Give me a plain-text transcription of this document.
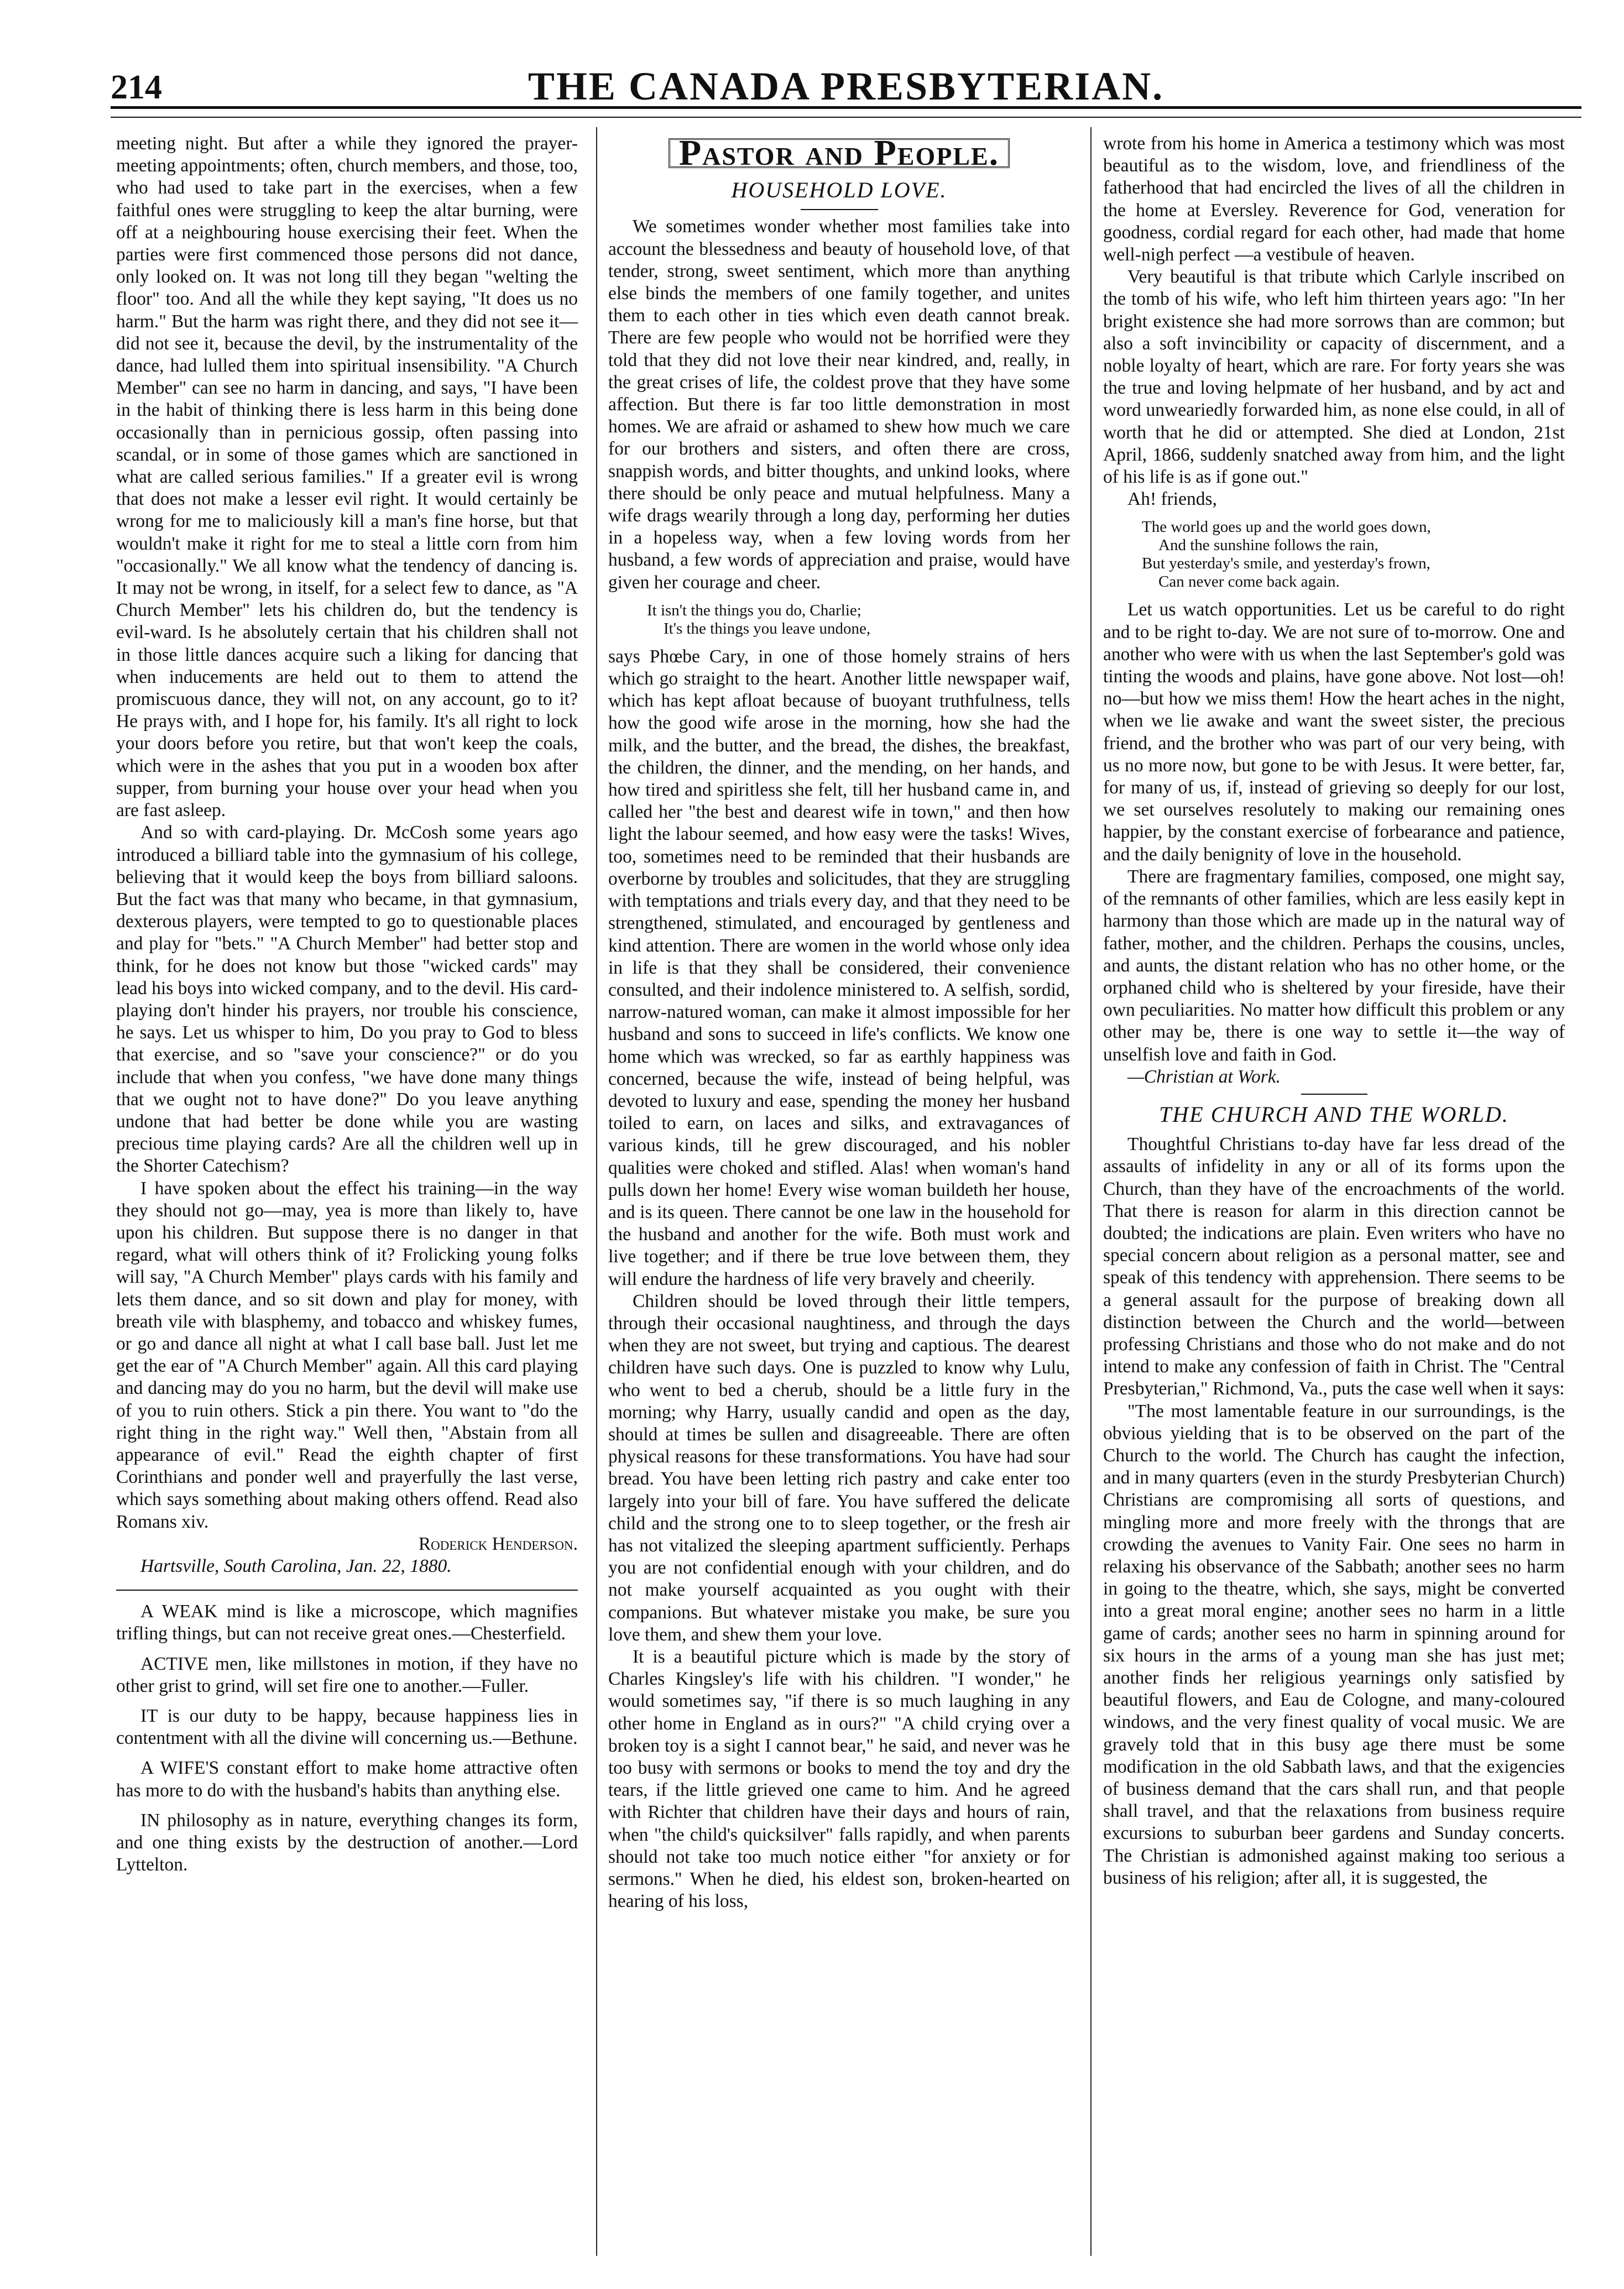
214	THE CANADA PRESBYTERIAN.

meeting night. But after a while they ignored the prayer-meeting appointments; often, church members, and those, too, who had used to take part in the exercises, when a few faithful ones were struggling to keep the altar burning, were off at a neighbouring house exercising their feet. When the parties were first commenced those persons did not dance, only looked on. It was not long till they began "welting the floor" too. And all the while they kept saying, "It does us no harm." But the harm was right there, and they did not see it—did not see it, because the devil, by the instrumentality of the dance, had lulled them into spiritual insensibility. "A Church Member" can see no harm in dancing, and says, "I have been in the habit of thinking there is less harm in this being done occasionally than in pernicious gossip, often passing into scandal, or in some of those games which are sanctioned in what are called serious families." If a greater evil is wrong that does not make a lesser evil right. It would certainly be wrong for me to maliciously kill a man's fine horse, but that wouldn't make it right for me to steal a little corn from him "occasionally." We all know what the tendency of dancing is. It may not be wrong, in itself, for a select few to dance, as "A Church Member" lets his children do, but the tendency is evil-ward. Is he absolutely certain that his children shall not in those little dances acquire such a liking for dancing that when inducements are held out to them to attend the promiscuous dance, they will not, on any account, go to it? He prays with, and I hope for, his family. It's all right to lock your doors before you retire, but that won't keep the coals, which were in the ashes that you put in a wooden box after supper, from burning your house over your head when you are fast asleep.

And so with card-playing. Dr. McCosh some years ago introduced a billiard table into the gymnasium of his college, believing that it would keep the boys from billiard saloons. But the fact was that many who became, in that gymnasium, dexterous players, were tempted to go to questionable places and play for "bets." "A Church Member" had better stop and think, for he does not know but those "wicked cards" may lead his boys into wicked company, and to the devil. His card-playing don't hinder his prayers, nor trouble his conscience, he says. Let us whisper to him, Do you pray to God to bless that exercise, and so "save your conscience?" or do you include that when you confess, "we have done many things that we ought not to have done?" Do you leave anything undone that had better be done while you are wasting precious time playing cards? Are all the children well up in the Shorter Catechism?

I have spoken about the effect his training—in the way they should not go—may, yea is more than likely to, have upon his children. But suppose there is no danger in that regard, what will others think of it? Frolicking young folks will say, "A Church Member" plays cards with his family and lets them dance, and so sit down and play for money, with breath vile with blasphemy, and tobacco and whiskey fumes, or go and dance all night at what I call base ball. Just let me get the ear of "A Church Member" again. All this card playing and dancing may do you no harm, but the devil will make use of you to ruin others. Stick a pin there. You want to "do the right thing in the right way." Well then, "Abstain from all appearance of evil." Read the eighth chapter of first Corinthians and ponder well and prayerfully the last verse, which says something about making others offend. Read also Romans xiv.

Roderick Henderson.

Hartsville, South Carolina, Jan. 22, 1880.

A WEAK mind is like a microscope, which magnifies trifling things, but can not receive great ones.—Chesterfield.

ACTIVE men, like millstones in motion, if they have no other grist to grind, will set fire one to another.—Fuller.

IT is our duty to be happy, because happiness lies in contentment with all the divine will concerning us.—Bethune.

A WIFE'S constant effort to make home attractive often has more to do with the husband's habits than anything else.

IN philosophy as in nature, everything changes its form, and one thing exists by the destruction of another.—Lord Lyttelton.

Pastor and People.
HOUSEHOLD LOVE.

We sometimes wonder whether most families take into account the blessedness and beauty of household love, of that tender, strong, sweet sentiment, which more than anything else binds the members of one family together, and unites them to each other in ties which even death cannot break. There are few people who would not be horrified were they told that they did not love their near kindred, and, really, in the great crises of life, the coldest prove that they have some affection. But there is far too little demonstration in most homes. We are afraid or ashamed to shew how much we care for our brothers and sisters, and often there are cross, snappish words, and bitter thoughts, and unkind looks, where there should be only peace and mutual helpfulness. Many a wife drags wearily through a long day, performing her duties in a hopeless way, when a few loving words from her husband, a few words of appreciation and praise, would have given her courage and cheer.

It isn't the things you do, Charlie;
It's the things you leave undone,

says Phœbe Cary, in one of those homely strains of hers which go straight to the heart. Another little newspaper waif, which has kept afloat because of buoyant truthfulness, tells how the good wife arose in the morning, how she had the milk, and the butter, and the bread, the dishes, the breakfast, the children, the dinner, and the mending, on her hands, and how tired and spiritless she felt, till her husband came in, and called her "the best and dearest wife in town," and then how light the labour seemed, and how easy were the tasks! Wives, too, sometimes need to be reminded that their husbands are overborne by troubles and solicitudes, that they are struggling with temptations and trials every day, and that they need to be strengthened, stimulated, and encouraged by gentleness and kind attention. There are women in the world whose only idea in life is that they shall be considered, their convenience consulted, and their indolence ministered to. A selfish, sordid, narrow-natured woman, can make it almost impossible for her husband and sons to succeed in life's conflicts. We know one home which was wrecked, so far as earthly happiness was concerned, because the wife, instead of being helpful, was devoted to luxury and ease, spending the money her husband toiled to earn, on laces and silks, and extravagances of various kinds, till he grew discouraged, and his nobler qualities were choked and stifled. Alas! when woman's hand pulls down her home! Every wise woman buildeth her house, and is its queen. There cannot be one law in the household for the husband and another for the wife. Both must work and live together; and if there be true love between them, they will endure the hardness of life very bravely and cheerily.

Children should be loved through their little tempers, through their occasional naughtiness, and through the days when they are not sweet, but trying and captious. The dearest children have such days. One is puzzled to know why Lulu, who went to bed a cherub, should be a little fury in the morning; why Harry, usually candid and open as the day, should at times be sullen and disagreeable. There are often physical reasons for these transformations. You have had sour bread. You have been letting rich pastry and cake enter too largely into your bill of fare. You have suffered the delicate child and the strong one to to sleep together, or the fresh air has not vitalized the sleeping apartment sufficiently. Perhaps you are not confidential enough with your children, and do not make yourself acquainted as you ought with their companions. But whatever mistake you make, be sure you love them, and shew them your love.

It is a beautiful picture which is made by the story of Charles Kingsley's life with his children. "I wonder," he would sometimes say, "if there is so much laughing in any other home in England as in ours?" "A child crying over a broken toy is a sight I cannot bear," he said, and never was he too busy with sermons or books to mend the toy and dry the tears, if the little grieved one came to him. And he agreed with Richter that children have their days and hours of rain, when "the child's quicksilver" falls rapidly, and when parents should not take too much notice either "for anxiety or for sermons." When he died, his eldest son, broken-hearted on hearing of his loss,

wrote from his home in America a testimony which was most beautiful as to the wisdom, love, and friendliness of the fatherhood that had encircled the lives of all the children in the home at Eversley. Reverence for God, veneration for goodness, cordial regard for each other, had made that home well-nigh perfect —a vestibule of heaven.

Very beautiful is that tribute which Carlyle inscribed on the tomb of his wife, who left him thirteen years ago: "In her bright existence she had more sorrows than are common; but also a soft invincibility or capacity of discernment, and a noble loyalty of heart, which are rare. For forty years she was the true and loving helpmate of her husband, and by act and word unweariedly forwarded him, as none else could, in all of worth that he did or attempted. She died at London, 21st April, 1866, suddenly snatched away from him, and the light of his life is as if gone out."

Ah! friends,

The world goes up and the world goes down,
And the sunshine follows the rain,
But yesterday's smile, and yesterday's frown,
Can never come back again.

Let us watch opportunities. Let us be careful to do right and to be right to-day. We are not sure of to-morrow. One and another who were with us when the last September's gold was tinting the woods and plains, have gone above. Not lost—oh! no—but how we miss them! How the heart aches in the night, when we lie awake and want the sweet sister, the precious friend, and the brother who was part of our very being, with us no more now, but gone to be with Jesus. It were better, far, for many of us, if, instead of grieving so deeply for our lost, we set ourselves resolutely to making our remaining ones happier, by the constant exercise of forbearance and patience, and the daily benignity of love in the household.

There are fragmentary families, composed, one might say, of the remnants of other families, which are less easily kept in harmony than those which are made up in the natural way of father, mother, and the children. Perhaps the cousins, uncles, and aunts, the distant relation who has no other home, or the orphaned child who is sheltered by your fireside, have their own peculiarities. No matter how difficult this problem or any other may be, there is one way to settle it—the way of unselfish love and faith in God.

—Christian at Work.

THE CHURCH AND THE WORLD.

Thoughtful Christians to-day have far less dread of the assaults of infidelity in any or all of its forms upon the Church, than they have of the encroachments of the world. That there is reason for alarm in this direction cannot be doubted; the indications are plain. Even writers who have no special concern about religion as a personal matter, see and speak of this tendency with apprehension. There seems to be a general assault for the purpose of breaking down all distinction between the Church and the world—between professing Christians and those who do not make and do not intend to make any confession of faith in Christ. The "Central Presbyterian," Richmond, Va., puts the case well when it says:

"The most lamentable feature in our surroundings, is the obvious yielding that is to be observed on the part of the Church to the world. The Church has caught the infection, and in many quarters (even in the sturdy Presbyterian Church) Christians are compromising all sorts of questions, and mingling more and more freely with the throngs that are crowding the avenues to Vanity Fair. One sees no harm in relaxing his observance of the Sabbath; another sees no harm in going to the theatre, which, she says, might be converted into a great moral engine; another sees no harm in a little game of cards; another sees no harm in spinning around for six hours in the arms of a young man she has just met; another finds her religious yearnings only satisfied by beautiful flowers, and Eau de Cologne, and many-coloured windows, and the very finest quality of vocal music. We are gravely told that in this busy age there must be some modification in the old Sabbath laws, and that the exigencies of business demand that the cars shall run, and that people shall travel, and that the relaxations from business require excursions to suburban beer gardens and Sunday concerts. The Christian is admonished against making too serious a business of his religion; after all, it is suggested, the
